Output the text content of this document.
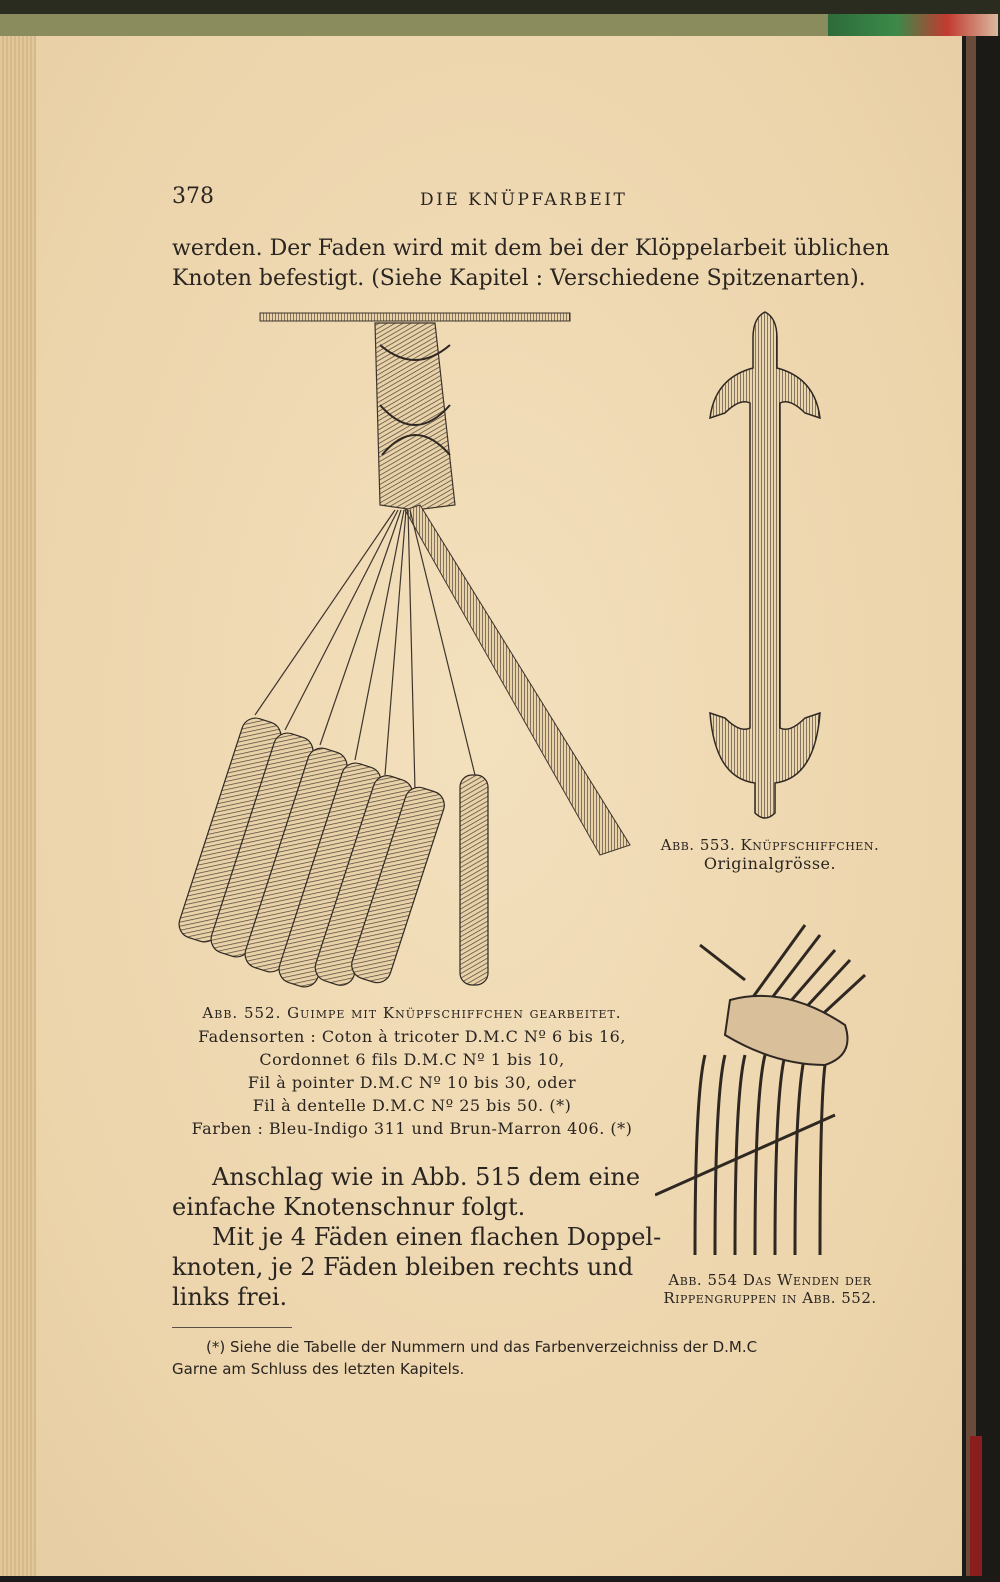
378	DIE KNÜPFARBEIT
werden. Der Faden wird mit dem bei der Klöppelarbeit üblichen
Knoten befestigt. (Siehe Kapitel : Verschiedene Spitzenarten).
Abb. 553. Knüpfschiffchen.
Originalgrösse.
Abb. 554 Das Wenden der
Rippengruppen in Abb. 552.
Abb. 552. Guimpe mit Knüpfschiffchen gearbeitet.
Fadensorten : Coton à tricoter D.M.C Nº 6 bis 16,
Cordonnet 6 fils D.M.C Nº 1 bis 10,
Fil à pointer D.M.C Nº 10 bis 30, oder
Fil à dentelle D.M.C Nº 25 bis 50. (*)
Farben : Bleu-Indigo 311 und Brun-Marron 406. (*)
Anschlag wie in Abb. 515 dem eine
einfache Knotenschnur folgt.
Mit je 4 Fäden einen flachen Doppel-
knoten, je 2 Fäden bleiben rechts und
links frei.
(*) Siehe die Tabelle der Nummern und das Farbenverzeichniss der D.M.C
Garne am Schluss des letzten Kapitels.
